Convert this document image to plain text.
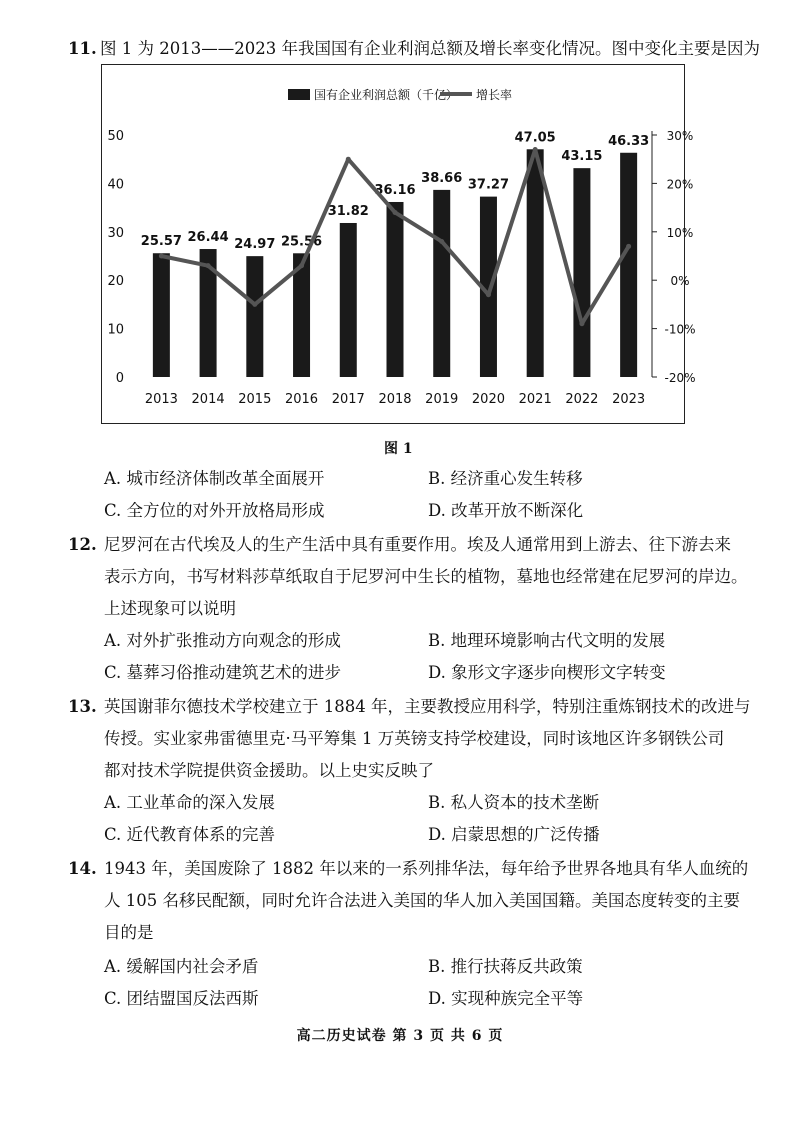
11. 图 1 为 2013——2023 年我国国有企业利润总额及增长率变化情况。图中变化主要是因为
0
10
20
30
40
50
-20%
-10%
0%
10%
20%
30%
25.57 26.44 24.97 25.56
31.82
36.16
38.66 37.27
47.05
43.15
46.33
2013 2014 2015 2016 2017 2018 2019 2020 2021 2022 2023
国有企业利润总额（千亿） 增长率
图 1
A. 城市经济体制改革全面展开	B. 经济重心发生转移
C. 全方位的对外开放格局形成	D. 改革开放不断深化
12. 尼罗河在古代埃及人的生产生活中具有重要作用。埃及人通常用到上游去、往下游去来
表示方向，书写材料莎草纸取自于尼罗河中生长的植物，墓地也经常建在尼罗河的岸边。
上述现象可以说明
A. 对外扩张推动方向观念的形成	B. 地理环境影响古代文明的发展
C. 墓葬习俗推动建筑艺术的进步	D. 象形文字逐步向楔形文字转变
13. 英国谢菲尔德技术学校建立于 1884 年，主要教授应用科学，特别注重炼钢技术的改进与
传授。实业家弗雷德里克·马平筹集 1 万英镑支持学校建设，同时该地区许多钢铁公司
都对技术学院提供资金援助。以上史实反映了
A. 工业革命的深入发展	B. 私人资本的技术垄断
C. 近代教育体系的完善	D. 启蒙思想的广泛传播
14. 1943 年，美国废除了 1882 年以来的一系列排华法，每年给予世界各地具有华人血统的
人 105 名移民配额，同时允许合法进入美国的华人加入美国国籍。美国态度转变的主要
目的是
A. 缓解国内社会矛盾	B. 推行扶蒋反共政策
C. 团结盟国反法西斯	D. 实现种族完全平等
高二历史试卷 第 3 页 共 6 页
